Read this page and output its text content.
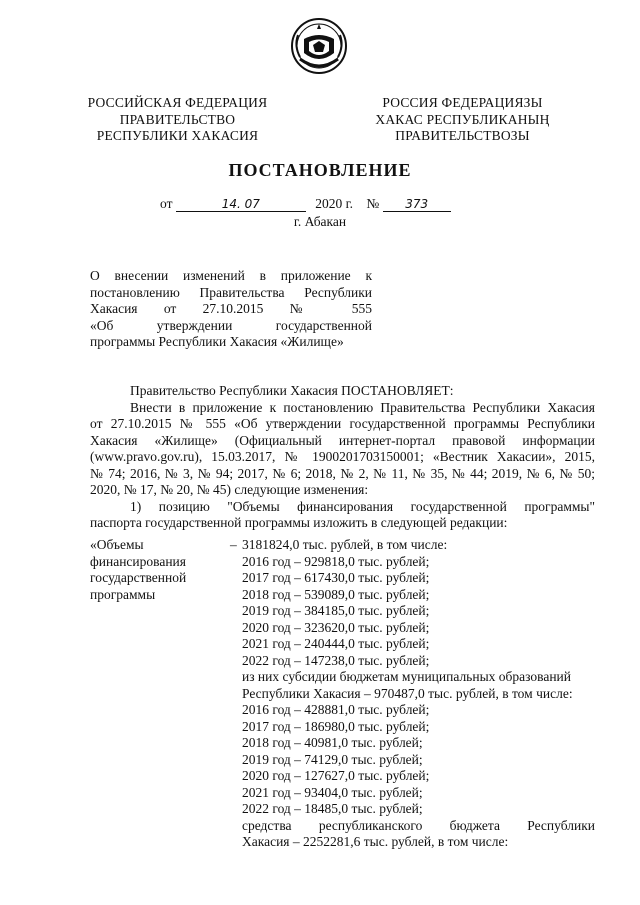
РОССИЙСКАЯ ФЕДЕРАЦИЯ
ПРАВИТЕЛЬСТВО
РЕСПУБЛИКИ ХАКАСИЯ
РОССИЯ ФЕДЕРАЦИЯЗЫ
ХАКАС РЕСПУБЛИКАНЫҢ
ПРАВИТЕЛЬСТВОЗЫ
ПОСТАНОВЛЕНИЕ
от	14. 07	2020 г. № 373
г. Абакан
О внесении изменений в приложение к
постановлению Правительства Республики
Хакасия от 27.10.2015 № 555
«Об утверждении государственной
программы Республики Хакасия «Жилище»
Правительство Республики Хакасия ПОСТАНОВЛЯЕТ:
Внести в приложение к постановлению Правительства Республики Хакасия
от 27.10.2015 № 555 «Об утверждении государственной программы Республики
Хакасия «Жилище» (Официальный интернет-портал правовой информации
(www.pravo.gov.ru), 15.03.2017, № 1900201703150001; «Вестник Хакасии», 2015,
№ 74; 2016, № 3, № 94; 2017, № 6; 2018, № 2, № 11, № 35, № 44; 2019, № 6, № 50;
2020, № 17, № 20, № 45) следующие изменения:
1) позицию "Объемы финансирования государственной программы"
паспорта государственной программы изложить в следующей редакции:
«Объемы финансирования государственной программы
– 3181824,0 тыс. рублей, в том числе:
2016 год – 929818,0 тыс. рублей;
2017 год – 617430,0 тыс. рублей;
2018 год – 539089,0 тыс. рублей;
2019 год – 384185,0 тыс. рублей;
2020 год – 323620,0 тыс. рублей;
2021 год – 240444,0 тыс. рублей;
2022 год – 147238,0 тыс. рублей;
из них субсидии бюджетам муниципальных образований
Республики Хакасия – 970487,0 тыс. рублей, в том числе:
2016 год – 428881,0 тыс. рублей;
2017 год – 186980,0 тыс. рублей;
2018 год – 40981,0 тыс. рублей;
2019 год – 74129,0 тыс. рублей;
2020 год – 127627,0 тыс. рублей;
2021 год – 93404,0 тыс. рублей;
2022 год – 18485,0 тыс. рублей;
средства республиканского бюджета Республики
Хакасия – 2252281,6 тыс. рублей, в том числе:
